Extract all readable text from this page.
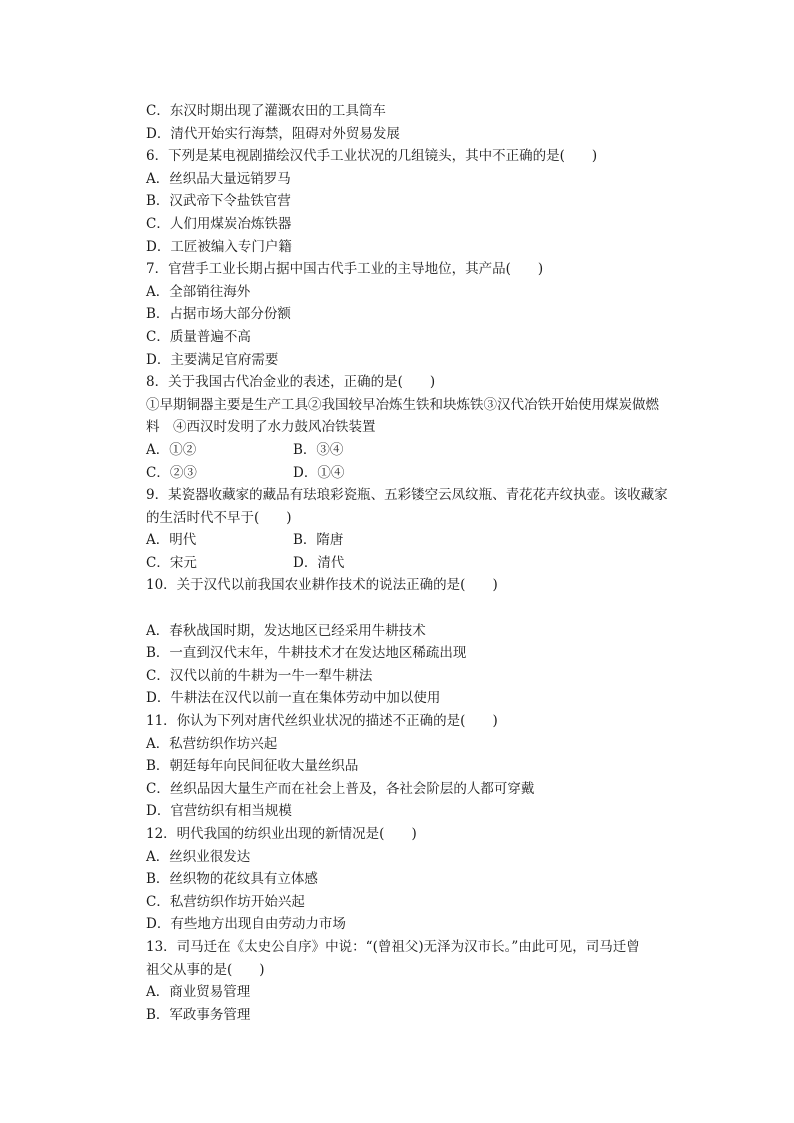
C．东汉时期出现了灌溉农田的工具筒车
D．清代开始实行海禁，阻碍对外贸易发展
6．下列是某电视剧描绘汉代手工业状况的几组镜头，其中不正确的是(　　)
A．丝织品大量远销罗马
B．汉武帝下令盐铁官营
C．人们用煤炭冶炼铁器
D．工匠被编入专门户籍
7．官营手工业长期占据中国古代手工业的主导地位，其产品(　　)
A．全部销往海外
B．占据市场大部分份额
C．质量普遍不高
D．主要满足官府需要
8．关于我国古代冶金业的表述，正确的是(　　)
①早期铜器主要是生产工具②我国较早冶炼生铁和块炼铁③汉代冶铁开始使用煤炭做燃
料　④西汉时发明了水力鼓风冶铁装置
A．①②	B．③④
C．②③	D．①④
9．某瓷器收藏家的藏品有珐琅彩瓷瓶、五彩镂空云凤纹瓶、青花花卉纹执壶。该收藏家
的生活时代不早于(　　)
A．明代	B．隋唐
C．宋元	D．清代
10．关于汉代以前我国农业耕作技术的说法正确的是(　　)
A．春秋战国时期，发达地区已经采用牛耕技术
B．一直到汉代末年，牛耕技术才在发达地区稀疏出现
C．汉代以前的牛耕为一牛一犁牛耕法
D．牛耕法在汉代以前一直在集体劳动中加以使用
11．你认为下列对唐代丝织业状况的描述不正确的是(　　)
A．私营纺织作坊兴起
B．朝廷每年向民间征收大量丝织品
C．丝织品因大量生产而在社会上普及，各社会阶层的人都可穿戴
D．官营纺织有相当规模
12．明代我国的纺织业出现的新情况是(　　)
A．丝织业很发达
B．丝织物的花纹具有立体感
C．私营纺织作坊开始兴起
D．有些地方出现自由劳动力市场
13．司马迁在《太史公自序》中说：“(曾祖父)无泽为汉市长。”由此可见，司马迁曾
祖父从事的是(　　)
A．商业贸易管理
B．军政事务管理
